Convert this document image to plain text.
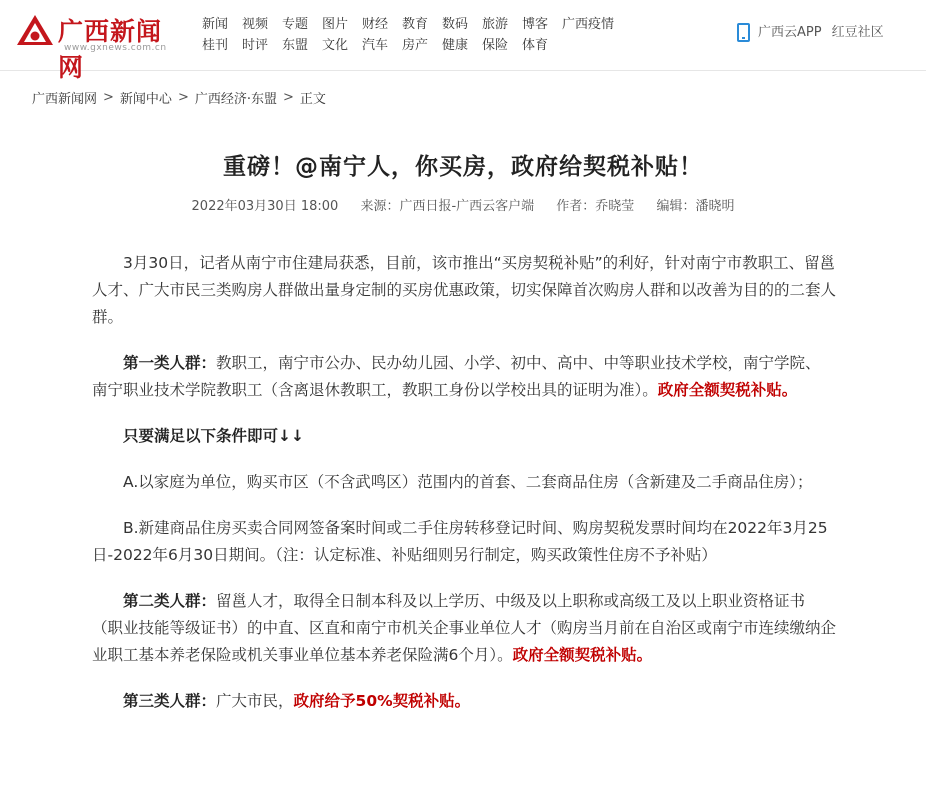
广西新闻网
www.gxnews.com.cn
新闻	视频	专题	图片	财经	教育	数码	旅游	博客	广西疫情
桂刊	时评	东盟	文化	汽车	房产	健康	保险	体育
广西云APP 红豆社区
广西新闻网 > 新闻中心 > 广西经济·东盟 > 正文
重磅！@南宁人，你买房，政府给契税补贴！
2022年03月30日 18:00 来源：广西日报-广西云客户端 作者：乔晓莹 编辑：潘晓明

3月30日，记者从南宁市住建局获悉，目前，该市推出“买房契税补贴”的利好，针对南宁市教职工、留邕人才、广大市民三类购房人群做出量身定制的买房优惠政策，切实保障首次购房人群和以改善为目的的二套人群。

第一类人群：教职工，南宁市公办、民办幼儿园、小学、初中、高中、中等职业技术学校，南宁学院、南宁职业技术学院教职工（含离退休教职工，教职工身份以学校出具的证明为准）。政府全额契税补贴。

只要满足以下条件即可↓↓

A.以家庭为单位，购买市区（不含武鸣区）范围内的首套、二套商品住房（含新建及二手商品住房）；

B.新建商品住房买卖合同网签备案时间或二手住房转移登记时间、购房契税发票时间均在2022年3月25日-2022年6月30日期间。（注：认定标准、补贴细则另行制定，购买政策性住房不予补贴）

第二类人群：留邕人才，取得全日制本科及以上学历、中级及以上职称或高级工及以上职业资格证书（职业技能等级证书）的中直、区直和南宁市机关企事业单位人才（购房当月前在自治区或南宁市连续缴纳企业职工基本养老保险或机关事业单位基本养老保险满6个月）。政府全额契税补贴。

第三类人群：广大市民，政府给予50%契税补贴。
